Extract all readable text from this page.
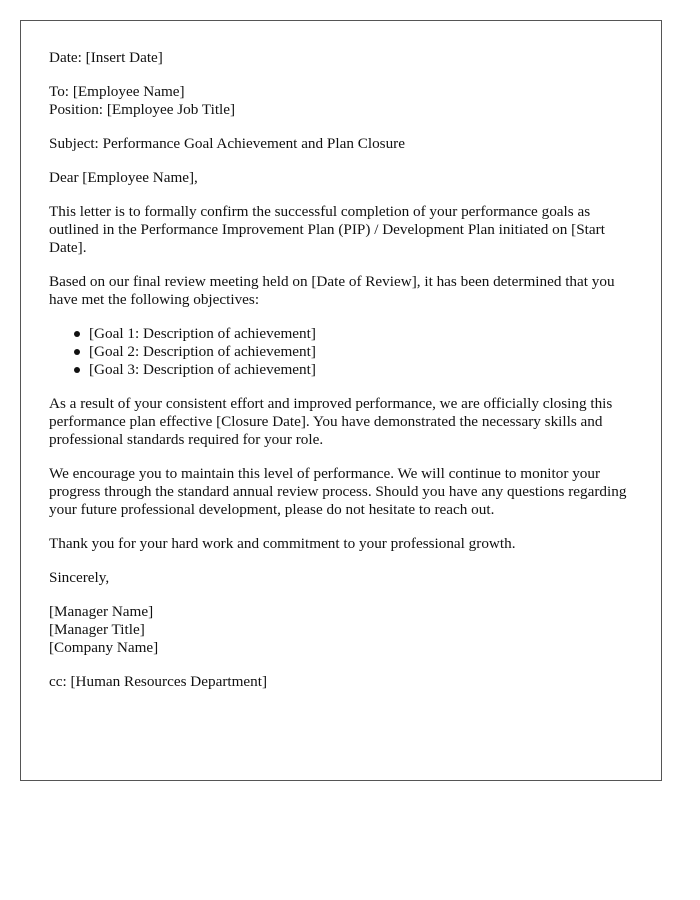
Date: [Insert Date]

To: [Employee Name]
Position: [Employee Job Title]

Subject: Performance Goal Achievement and Plan Closure

Dear [Employee Name],

This letter is to formally confirm the successful completion of your performance goals as outlined in the Performance Improvement Plan (PIP) / Development Plan initiated on [Start Date].

Based on our final review meeting held on [Date of Review], it has been determined that you have met the following objectives:

[Goal 1: Description of achievement]
[Goal 2: Description of achievement]
[Goal 3: Description of achievement]

As a result of your consistent effort and improved performance, we are officially closing this performance plan effective [Closure Date]. You have demonstrated the necessary skills and professional standards required for your role.

We encourage you to maintain this level of performance. We will continue to monitor your progress through the standard annual review process. Should you have any questions regarding your future professional development, please do not hesitate to reach out.

Thank you for your hard work and commitment to your professional growth.

Sincerely,

[Manager Name]
[Manager Title]
[Company Name]

cc: [Human Resources Department]
